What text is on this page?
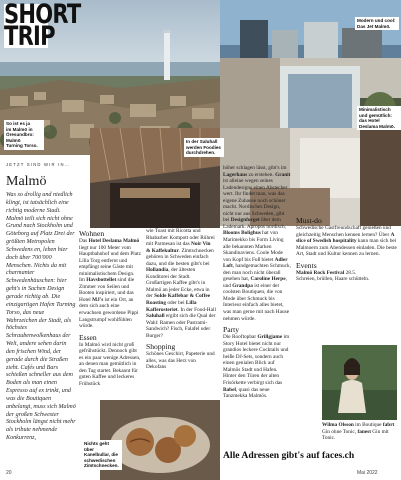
SHORT
TRIP
Modern und cool:
Das Jet Malmö.
Minimalistisch
und gemütlich:
das Hotel
Deslama Malmö.
So ist es ja
im Malmö in
Öresundbro:
Malmö
Turning Torso.
In der Saluhall
werden Foodies
durchdrehen.
Nichts geht über
Kanelbullar, die
schwedischen
Zimtschnecken.
JETZT SIND WIR IN…
Malmö
Was so drollig und niedlich klingt, ist tatsächlich eine richtig moderne Stadt. Malmö teilt sich nicht ohne Grund nach Stockholm und Göteborg auf Platz Drei der größten Metropolen Schwedens en, leben hier doch über 700'000 Menschen. Nichts da mit charmanter Schwedenhäuschen: hier geht's in Sachen Design gerade richtig ab. Die einzigartigen Hafen Turning Torso, das neue Wahrzeichen der Stadt, als höchstes Schraubenwolkenhaus der Welt, andere sehen darin den frischen Wind, der gerade durch die Straßen zieht. Cafés und Bars schießen schneller aus dem Boden als man einen Espresso auf ex trinkt, und was die Boutiquen anbelangt, muss sich Malmö der großen Schwester Stockholm längst nicht mehr als tribute nehmende Konkurrenz,
Wohnen

Das Hotel Deslama Malmö liegt nur 100 Meter vom Hauptbahnhof und dem Platz Lilla Torg entfernt und empfängt seine Gäste mit minimalistischem Design. Im Havsbottellet sind die Zimmer von Seilen und Booten inspiriert, und das Hotel MJ's ist ein Ort, an dem sich auch eine erwachsen gewordene Pippi Langstrumpf wohlfühlen würde.

Essen

In Malmö wird nicht groß gefrühstückt. Dennoch gibt es ein paar wenige Adressen, an denen man gemütlich in den Tag startet. Bekannt für guten Kaffee und leckeres Frühstück

wie Toast mit Ricotta und Rhabarber Kompott oder Rührei mit Parmesan ist das Noir Vin & Kaffekultur. Zimtschnecken gehören in Schweden einfach dazu, und die besten gibt's bei Hollandia, der ältesten Konditorei der Stadt. Großartigen Kaffee gibt's in Malmö an jeder Ecke, etwa in der Solde Kaffebar & Coffee Roasting oder bei Lilla Kafferosteriet. In der Food-Hall Saluhall ergibt sich die Qual der Wahl: Ramen oder Pastrami-Sandwich? Fisch, Falafel oder Burger?

Shopping

Schönes Geschirr, Papeterie und alles, was das Herz von Dekofans

höher schlagen lässt, gibt's im Lagerhaus zu erstehen. Granit ist alleine wegen seines Ladendesigns einen Abstecher wert. Ihr findet man, was das eigene Zuhause noch schöner macht. Nordisches Design, nicht nur aus Schweden, gibt bei Designforget über dem Lademark. Apropos nordisch, Blooms Bolighus hat von Marimekko bis Form Living alle bekannten Marken Skandinaviens. Coole Mode von Kopf bis Fuß bietet Adler Loft, handgemachten Schmuck, den man noch nicht überall gesehen hat, Caroline Herpe, und Grandpa ist einer der coolsten Boutiquen, die von Mode über Schmuck bis Interieur einfach alles bietet, was man gerne mit nach Hause nehmen würde.

Party

Die Rooftopbar Grillgjame im Story Hotel bietet nicht nur grandios leckere Cocktails und heiße DJ-Sets, sondern auch einen genialen Blick auf Malmös Stadt und Hafen. Hinter den Türen der alten Frisörkette verbirgt sich das Babel, quasi das neue Tanzmekka Malmös.

Must-do

Schwedische Gastfreundschaft genießen und gleichzeitig Menschen kennen lernen? Über A slice of Swedish hospitality kann man sich bei Malmoern zum Abendessen einladen. Die beste Art, Stadt und Kultur kennen zu lernen.

Events

Malmö Rock Festival 28.5.
Schreien, brüllen, Haare schütteln.

Wilma Olsson im Boutique fabrt Gin ohne Tonic, fanest Gin mit Tonic.

Alle Adressen gibt's auf faces.ch
20	Mai 2022
